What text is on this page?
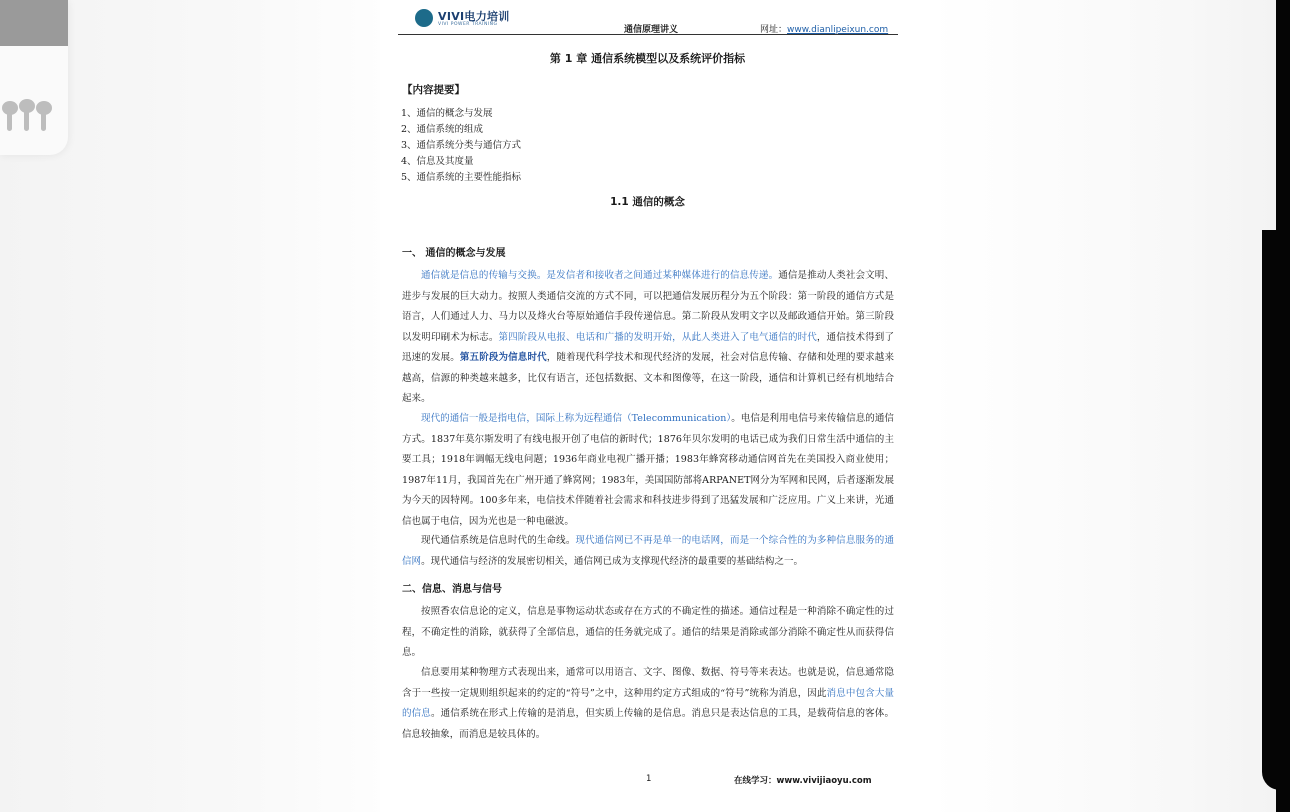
VIVI电力培训
VIVI POWER TRAINING
通信原理讲义	网址：www.dianlipeixun.com
第 1 章 通信系统模型以及系统评价指标
【内容提要】
1、通信的概念与发展
2、通信系统的组成
3、通信系统分类与通信方式
4、信息及其度量
5、通信系统的主要性能指标
1.1 通信的概念
一、 通信的概念与发展
通信就是信息的传输与交换。是发信者和接收者之间通过某种媒体进行的信息传递。通信是推动人类社会文明、进步与发展的巨大动力。按照人类通信交流的方式不同，可以把通信发展历程分为五个阶段：第一阶段的通信方式是语言，人们通过人力、马力以及烽火台等原始通信手段传递信息。第二阶段从发明文字以及邮政通信开始。第三阶段以发明印刷术为标志。第四阶段从电报、电话和广播的发明开始，从此人类进入了电气通信的时代，通信技术得到了迅速的发展。第五阶段为信息时代，随着现代科学技术和现代经济的发展，社会对信息传输、存储和处理的要求越来越高，信源的种类越来越多，比仅有语言，还包括数据、文本和图像等，在这一阶段，通信和计算机已经有机地结合起来。
现代的通信一般是指电信，国际上称为远程通信（Telecommunication）。电信是利用电信号来传输信息的通信方式。1837年莫尔斯发明了有线电报开创了电信的新时代；1876年贝尔发明的电话已成为我们日常生活中通信的主要工具；1918年调幅无线电问题；1936年商业电视广播开播；1983年蜂窝移动通信网首先在美国投入商业使用；1987年11月，我国首先在广州开通了蜂窝网；1983年，美国国防部将ARPANET网分为军网和民网，后者逐渐发展为今天的因特网。100多年来，电信技术伴随着社会需求和科技进步得到了迅猛发展和广泛应用。广义上来讲，光通信也属于电信，因为光也是一种电磁波。
现代通信系统是信息时代的生命线。现代通信网已不再是单一的电话网，而是一个综合性的为多种信息服务的通信网。现代通信与经济的发展密切相关，通信网已成为支撑现代经济的最重要的基础结构之一。
二、信息、消息与信号
按照香农信息论的定义，信息是事物运动状态或存在方式的不确定性的描述。通信过程是一种消除不确定性的过程，不确定性的消除，就获得了全部信息，通信的任务就完成了。通信的结果是消除或部分消除不确定性从而获得信息。
信息要用某种物理方式表现出来，通常可以用语言、文字、图像、数据、符号等来表达。也就是说，信息通常隐含于一些按一定规则组织起来的约定的“符号”之中，这种用约定方式组成的“符号”统称为消息，因此消息中包含大量的信息。通信系统在形式上传输的是消息，但实质上传输的是信息。消息只是表达信息的工具，是载荷信息的客体。信息较抽象，而消息是较具体的。
1	在线学习：www.vivijiaoyu.com
